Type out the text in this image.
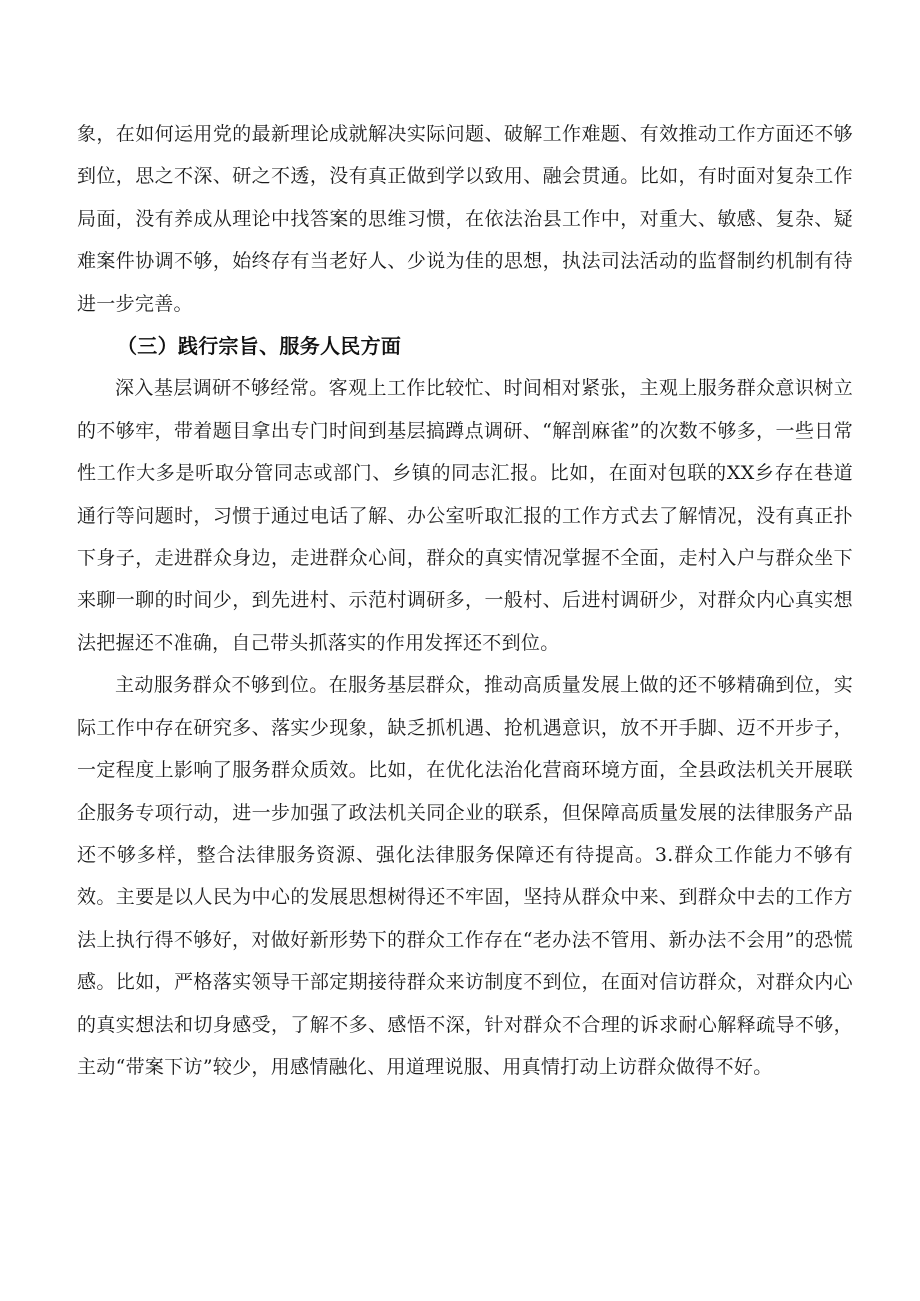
象，在如何运用党的最新理论成就解决实际问题、破解工作难题、有效推动工作方面还不够到位，思之不深、研之不透，没有真正做到学以致用、融会贯通。比如，有时面对复杂工作局面，没有养成从理论中找答案的思维习惯，在依法治县工作中，对重大、敏感、复杂、疑难案件协调不够，始终存有当老好人、少说为佳的思想，执法司法活动的监督制约机制有待进一步完善。

（三）践行宗旨、服务人民方面

深入基层调研不够经常。客观上工作比较忙、时间相对紧张，主观上服务群众意识树立的不够牢，带着题目拿出专门时间到基层搞蹲点调研、“解剖麻雀”的次数不够多，一些日常性工作大多是听取分管同志或部门、乡镇的同志汇报。比如，在面对包联的XX乡存在巷道通行等问题时，习惯于通过电话了解、办公室听取汇报的工作方式去了解情况，没有真正扑下身子，走进群众身边，走进群众心间，群众的真实情况掌握不全面，走村入户与群众坐下来聊一聊的时间少，到先进村、示范村调研多，一般村、后进村调研少，对群众内心真实想法把握还不准确，自己带头抓落实的作用发挥还不到位。

主动服务群众不够到位。在服务基层群众，推动高质量发展上做的还不够精确到位，实际工作中存在研究多、落实少现象，缺乏抓机遇、抢机遇意识，放不开手脚、迈不开步子，一定程度上影响了服务群众质效。比如，在优化法治化营商环境方面，全县政法机关开展联企服务专项行动，进一步加强了政法机关同企业的联系，但保障高质量发展的法律服务产品还不够多样，整合法律服务资源、强化法律服务保障还有待提高。3.群众工作能力不够有效。主要是以人民为中心的发展思想树得还不牢固，坚持从群众中来、到群众中去的工作方法上执行得不够好，对做好新形势下的群众工作存在“老办法不管用、新办法不会用”的恐慌感。比如，严格落实领导干部定期接待群众来访制度不到位，在面对信访群众，对群众内心的真实想法和切身感受，了解不多、感悟不深，针对群众不合理的诉求耐心解释疏导不够，主动“带案下访”较少，用感情融化、用道理说服、用真情打动上访群众做得不好。
